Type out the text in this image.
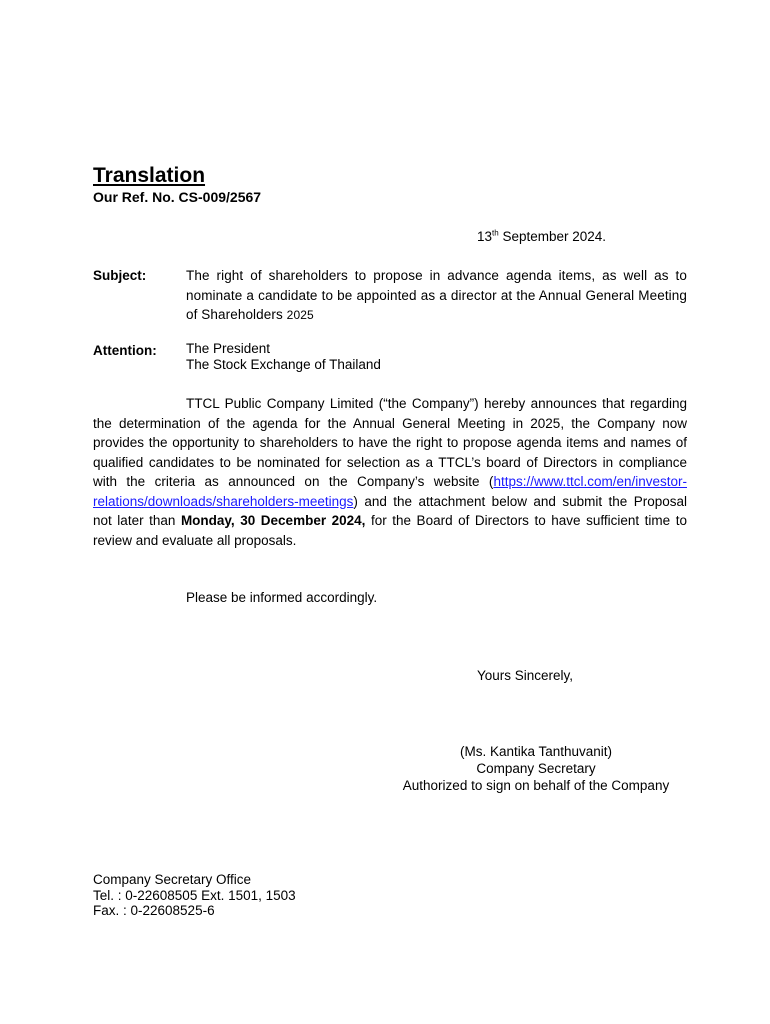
Translation
Our Ref. No. CS-009/2567
13th September 2024.
Subject:	The right of shareholders to propose in advance agenda items, as well as to nominate a candidate to be appointed as a director at the Annual General Meeting of Shareholders 2025
Attention: The President
The Stock Exchange of Thailand
TTCL Public Company Limited (“the Company”) hereby announces that regarding the determination of the agenda for the Annual General Meeting in 2025, the Company now provides the opportunity to shareholders to have the right to propose agenda items and names of qualified candidates to be nominated for selection as a TTCL’s board of Directors in compliance with the criteria as announced on the Company’s website (https://www.ttcl.com/en/investor-relations/downloads/shareholders-meetings) and the attachment below and submit the Proposal not later than Monday, 30 December 2024, for the Board of Directors to have sufficient time to review and evaluate all proposals.
Please be informed accordingly.
Yours Sincerely,
(Ms. Kantika Tanthuvanit)
Company Secretary
Authorized to sign on behalf of the Company
Company Secretary Office
Tel. : 0-22608505 Ext. 1501, 1503
Fax. : 0-22608525-6
